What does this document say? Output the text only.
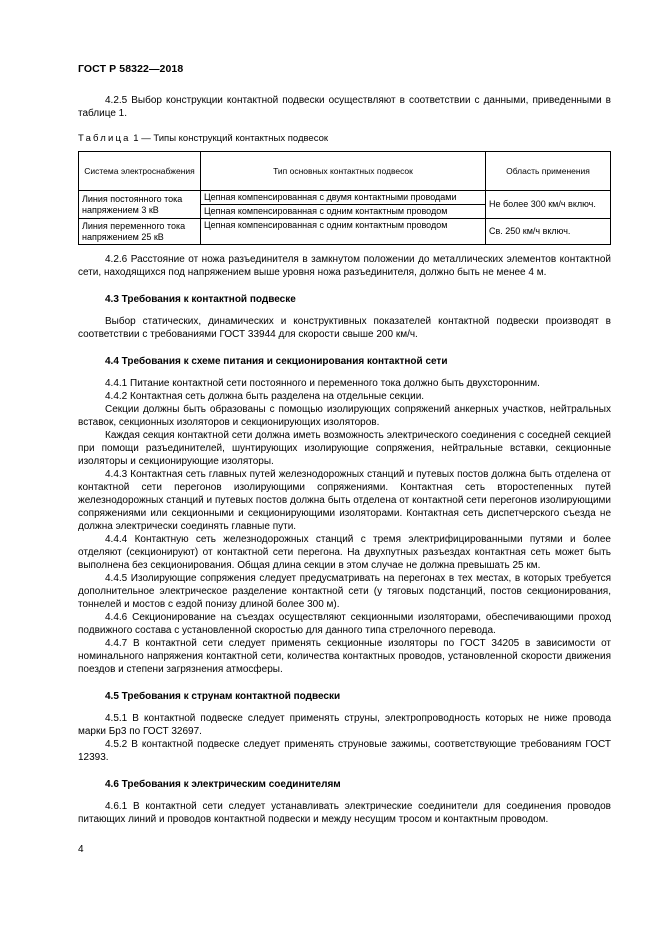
ГОСТ Р 58322—2018

4.2.5 Выбор конструкции контактной подвески осуществляют в соответствии с данными, приведенными в таблице 1.

Таблица 1 — Типы конструкций контактных подвесок
Система электроснабжения	Тип основных контактных подвесок	Область применения
Линия постоянного тока напряжением 3 кВ	Цепная компенсированная с двумя контактными проводами	Не более 300 км/ч включ.
	Цепная компенсированная с одним контактным проводом	
Линия переменного тока напряжением 25 кВ	Цепная компенсированная с одним контактным проводом	Св. 250 км/ч включ.

4.2.6 Расстояние от ножа разъединителя в замкнутом положении до металлических элементов контактной сети, находящихся под напряжением выше уровня ножа разъединителя, должно быть не менее 4 м.

4.3 Требования к контактной подвеске

Выбор статических, динамических и конструктивных показателей контактной подвески производят в соответствии с требованиями ГОСТ 33944 для скорости свыше 200 км/ч.

4.4 Требования к схеме питания и секционирования контактной сети

4.4.1 Питание контактной сети постоянного и переменного тока должно быть двухсторонним.

4.4.2 Контактная сеть должна быть разделена на отдельные секции.

Секции должны быть образованы с помощью изолирующих сопряжений анкерных участков, нейтральных вставок, секционных изоляторов и секционирующих изоляторов.

Каждая секция контактной сети должна иметь возможность электрического соединения с соседней секцией при помощи разъединителей, шунтирующих изолирующие сопряжения, нейтральные вставки, секционные изоляторы и секционирующие изоляторы.

4.4.3 Контактная сеть главных путей железнодорожных станций и путевых постов должна быть отделена от контактной сети перегонов изолирующими сопряжениями. Контактная сеть второстепенных путей железнодорожных станций и путевых постов должна быть отделена от контактной сети перегонов изолирующими сопряжениями или секционными и секционирующими изоляторами. Контактная сеть диспетчерского съезда не должна электрически соединять главные пути.

4.4.4 Контактную сеть железнодорожных станций с тремя электрифицированными путями и более отделяют (секционируют) от контактной сети перегона. На двухпутных разъездах контактная сеть может быть выполнена без секционирования. Общая длина секции в этом случае не должна превышать 25 км.

4.4.5 Изолирующие сопряжения следует предусматривать на перегонах в тех местах, в которых требуется дополнительное электрическое разделение контактной сети (у тяговых подстанций, постов секционирования, тоннелей и мостов с ездой понизу длиной более 300 м).

4.4.6 Секционирование на съездах осуществляют секционными изоляторами, обеспечивающими проход подвижного состава с установленной скоростью для данного типа стрелочного перевода.

4.4.7 В контактной сети следует применять секционные изоляторы по ГОСТ 34205 в зависимости от номинального напряжения контактной сети, количества контактных проводов, установленной скорости движения поездов и степени загрязнения атмосферы.

4.5 Требования к струнам контактной подвески

4.5.1 В контактной подвеске следует применять струны, электропроводность которых не ниже провода марки Бр3 по ГОСТ 32697.

4.5.2 В контактной подвеске следует применять струновые зажимы, соответствующие требованиям ГОСТ 12393.

4.6 Требования к электрическим соединителям

4.6.1 В контактной сети следует устанавливать электрические соединители для соединения проводов питающих линий и проводов контактной подвески и между несущим тросом и контактным проводом.

4
